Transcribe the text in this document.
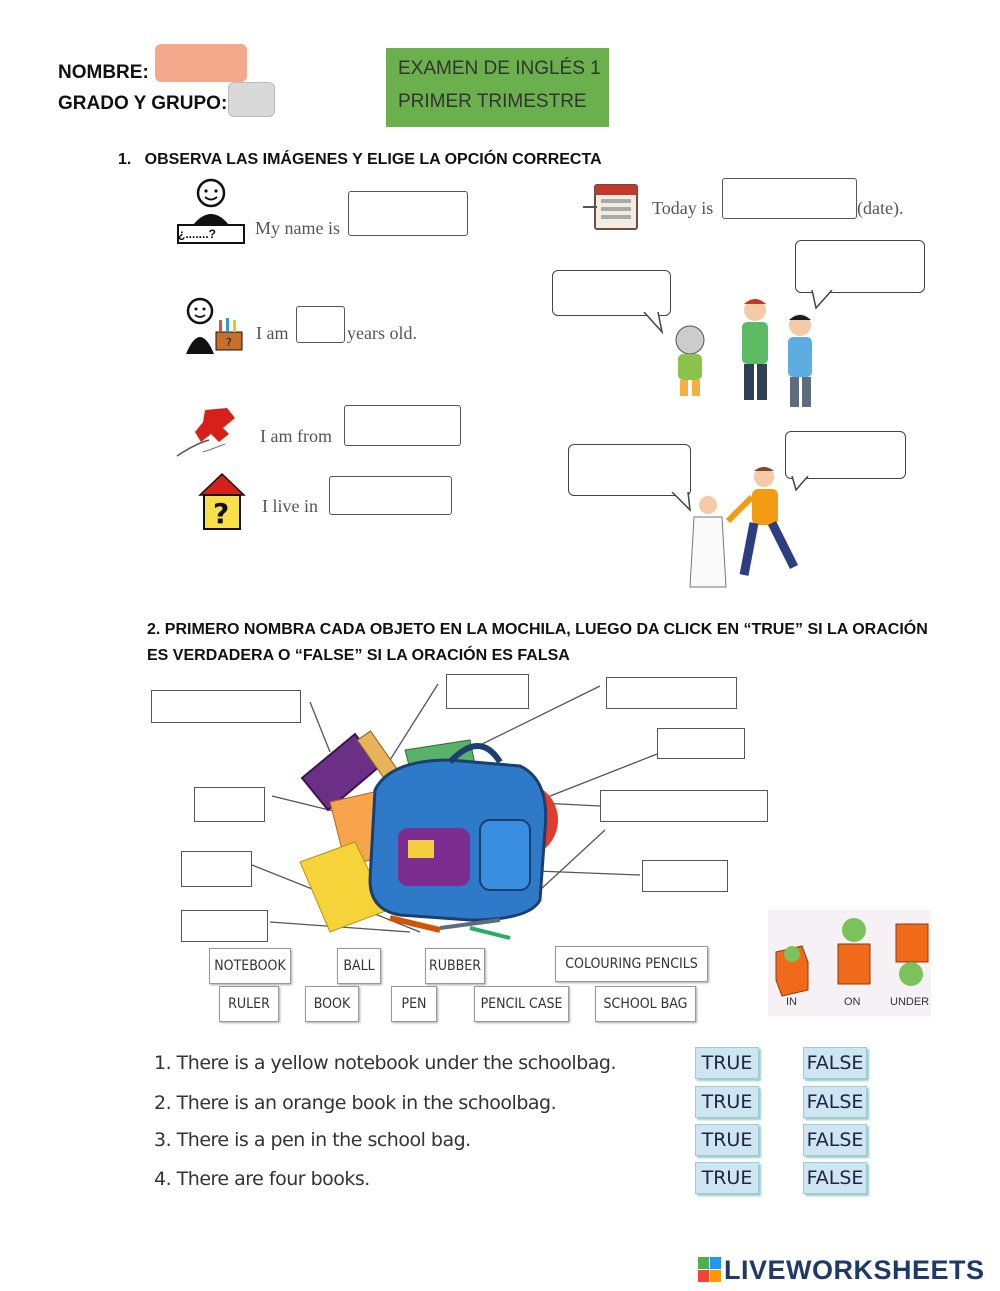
NOMBRE:
GRADO Y GRUPO:
EXAMEN DE INGLÉS 1
PRIMER TRIMESTRE
1.   OBSERVA LAS IMÁGENES Y ELIGE LA OPCIÓN CORRECTA
¿.......? My name is
? I am	years old.
I am from
? I live in
Today is	(date).
2. PRIMERO NOMBRA CADA OBJETO EN LA MOCHILA, LUEGO DA CLICK EN “TRUE” SI LA ORACIÓN
ES VERDADERA O “FALSE” SI LA ORACIÓN ES FALSA
NOTEBOOK	BALL	RUBBER	COLOURING PENCILS
RULER	BOOK	PEN	PENCIL CASE	SCHOOL BAG	IN	ON	UNDER
1. There is a yellow notebook under the schoolbag.
2. There is an orange book in the schoolbag.
3. There is a pen in the school bag.
4. There are four books.
TRUE	FALSE
TRUE	FALSE
TRUE	FALSE
TRUE	FALSE
LIVEWORKSHEETS
